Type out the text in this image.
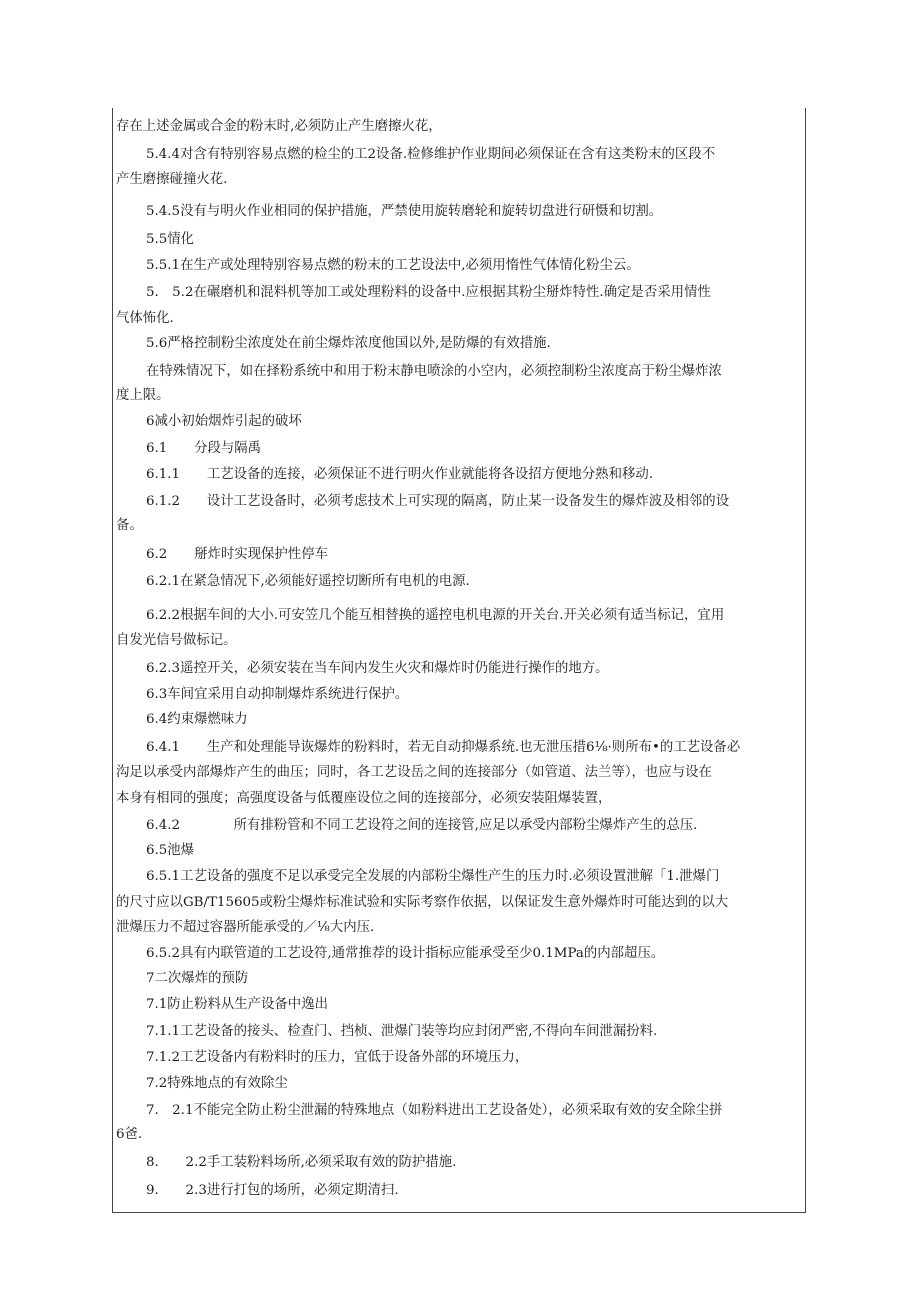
存在上述金属或合金的粉末时,必须防止产生磨擦火花，
5.4.4对含有特别容易点燃的检尘的工2设备.检修维护作业期间必须保证在含有这类粉末的区段不
产生磨擦碰撞火花.
5.4.5没有与明火作业相同的保护措施，严禁使用旋转磨轮和旋转切盘进行研慑和切割。
5.5情化
5.5.1在生产或处理特别容易点燃的粉末的工艺设法中,必须用惰性气体情化粉尘云。
5.　5.2在碾磨机和混料机等加工或处理粉料的设备中.应根据其粉尘掰炸特性.确定是否采用情性
气体怖化.
5.6严格控制粉尘浓度处在前尘爆炸浓度他国以外,是防爆的有效措施.
在特殊情况下，如在择粉系统中和用于粉末静电喷涂的小空内，必须控制粉尘浓度高于粉尘爆炸浓
度上限。
6减小初始烟炸引起的破坏
6.1　　分段与隔禹
6.1.1　　工艺设备的连接，必须保证不进行明火作业就能将各设招方便地分熟和移动.
6.1.2　　设计工艺设备时，必须考虑技术上可实现的隔离，防止某一设备发生的爆炸波及相邻的设
备。
6.2　　掰炸时实现保护性停车
6.2.1在紧急情况下,必须能好遥控切断所有电机的电源.
6.2.2根据车间的大小.可安笠几个能互相替换的遥控电机电源的开关台.开关必须有适当标记，宜用
自发光信号做标记。
6.2.3遥控开关，必须安装在当车间内发生火灾和爆炸时仍能进行操作的地方。
6.3车间宜采用自动抑制爆炸系统进行保护。
6.4约束爆燃味力
6.4.1　　生产和处理能导诙爆炸的粉料时，若无自动抑爆系统.也无泄压措6⅛·则所布•的工艺设备必
沟足以承受内部爆炸产生的曲压；同时，各工艺设岳之间的连接部分（如管道、法兰等），也应与设在
本身有相同的强度；高强度设备与低覆座设位之间的连接部分，必须安装阻爆装置，
6.4.2　　　　所有排粉管和不同工艺设符之间的连接管,应足以承受内部粉尘爆炸产生的总压.
6.5池爆
6.5.1工艺设备的强度不足以承受完全发展的内部粉尘爆性产生的压力时.必须设置泄解「1.泄爆门
的尺寸应以GB/T15605或粉尘爆炸标准试验和实际考察作依据，以保证发生意外爆炸时可能达到的以大
泄爆压力不超过容器所能承受的／⅛大内压.
6.5.2具有内联管道的工艺设符,通常推荐的设计指标应能承受至少0.1MPa的内部超压。
7二次爆炸的预防
7.1防止粉料从生产设备中逸出
7.1.1工艺设备的接头、检查门、挡桢、泄爆门装等均应封闭严密,不得向车间泄漏扮料.
7.1.2工艺设备内有粉料时的压力，宜低于设备外部的环境压力，
7.2特殊地点的有效除尘
7.　2.1不能完全防止粉尘泄漏的特殊地点（如粉料进出工艺设备处），必须采取有效的安全除尘拼
6爸.
8.　　2.2手工装粉料场所,必须采取有效的防护措施.
9.　　2.3进行打包的场所，必须定期清扫.
